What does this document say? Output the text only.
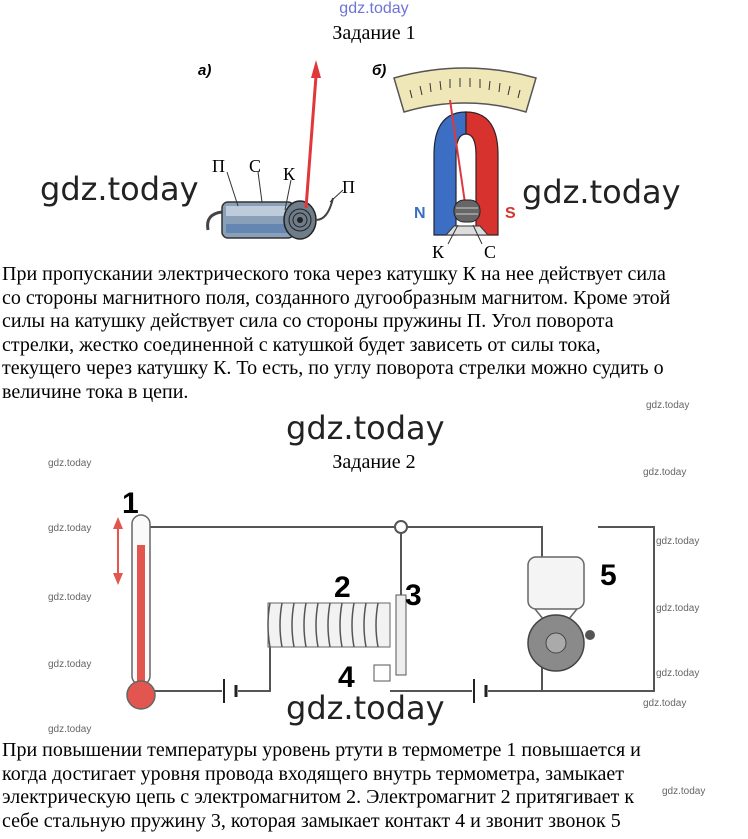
gdz.today
Задание 1
а)
П С К
П
б)
N	S
К С
gdz.today	gdz.today
При пропускании электрического тока через катушку К на нее действует сила
со стороны магнитного поля, созданного дугообразным магнитом. Кроме этой
силы на катушку действует сила со стороны пружины П. Угол поворота
стрелки, жестко соединенной с катушкой будет зависеть от силы тока,
текущего через катушку К. То есть, по углу поворота стрелки можно судить о
величине тока в цепи.
gdz.today
gdz.today
Задание 2
gdz.today
gdz.today
gdz.today
gdz.today
gdz.today
gdz.today
gdz.today
gdz.today
gdz.today
gdz.today
gdz.today
1
2 3
4
5
gdz.today
При повышении температуры уровень ртути в термометре 1 повышается и
когда достигает уровня провода входящего внутрь термометра, замыкает
электрическую цепь с электромагнитом 2. Электромагнит 2 притягивает к
себе стальную пружину 3, которая замыкает контакт 4 и звонит звонок 5
